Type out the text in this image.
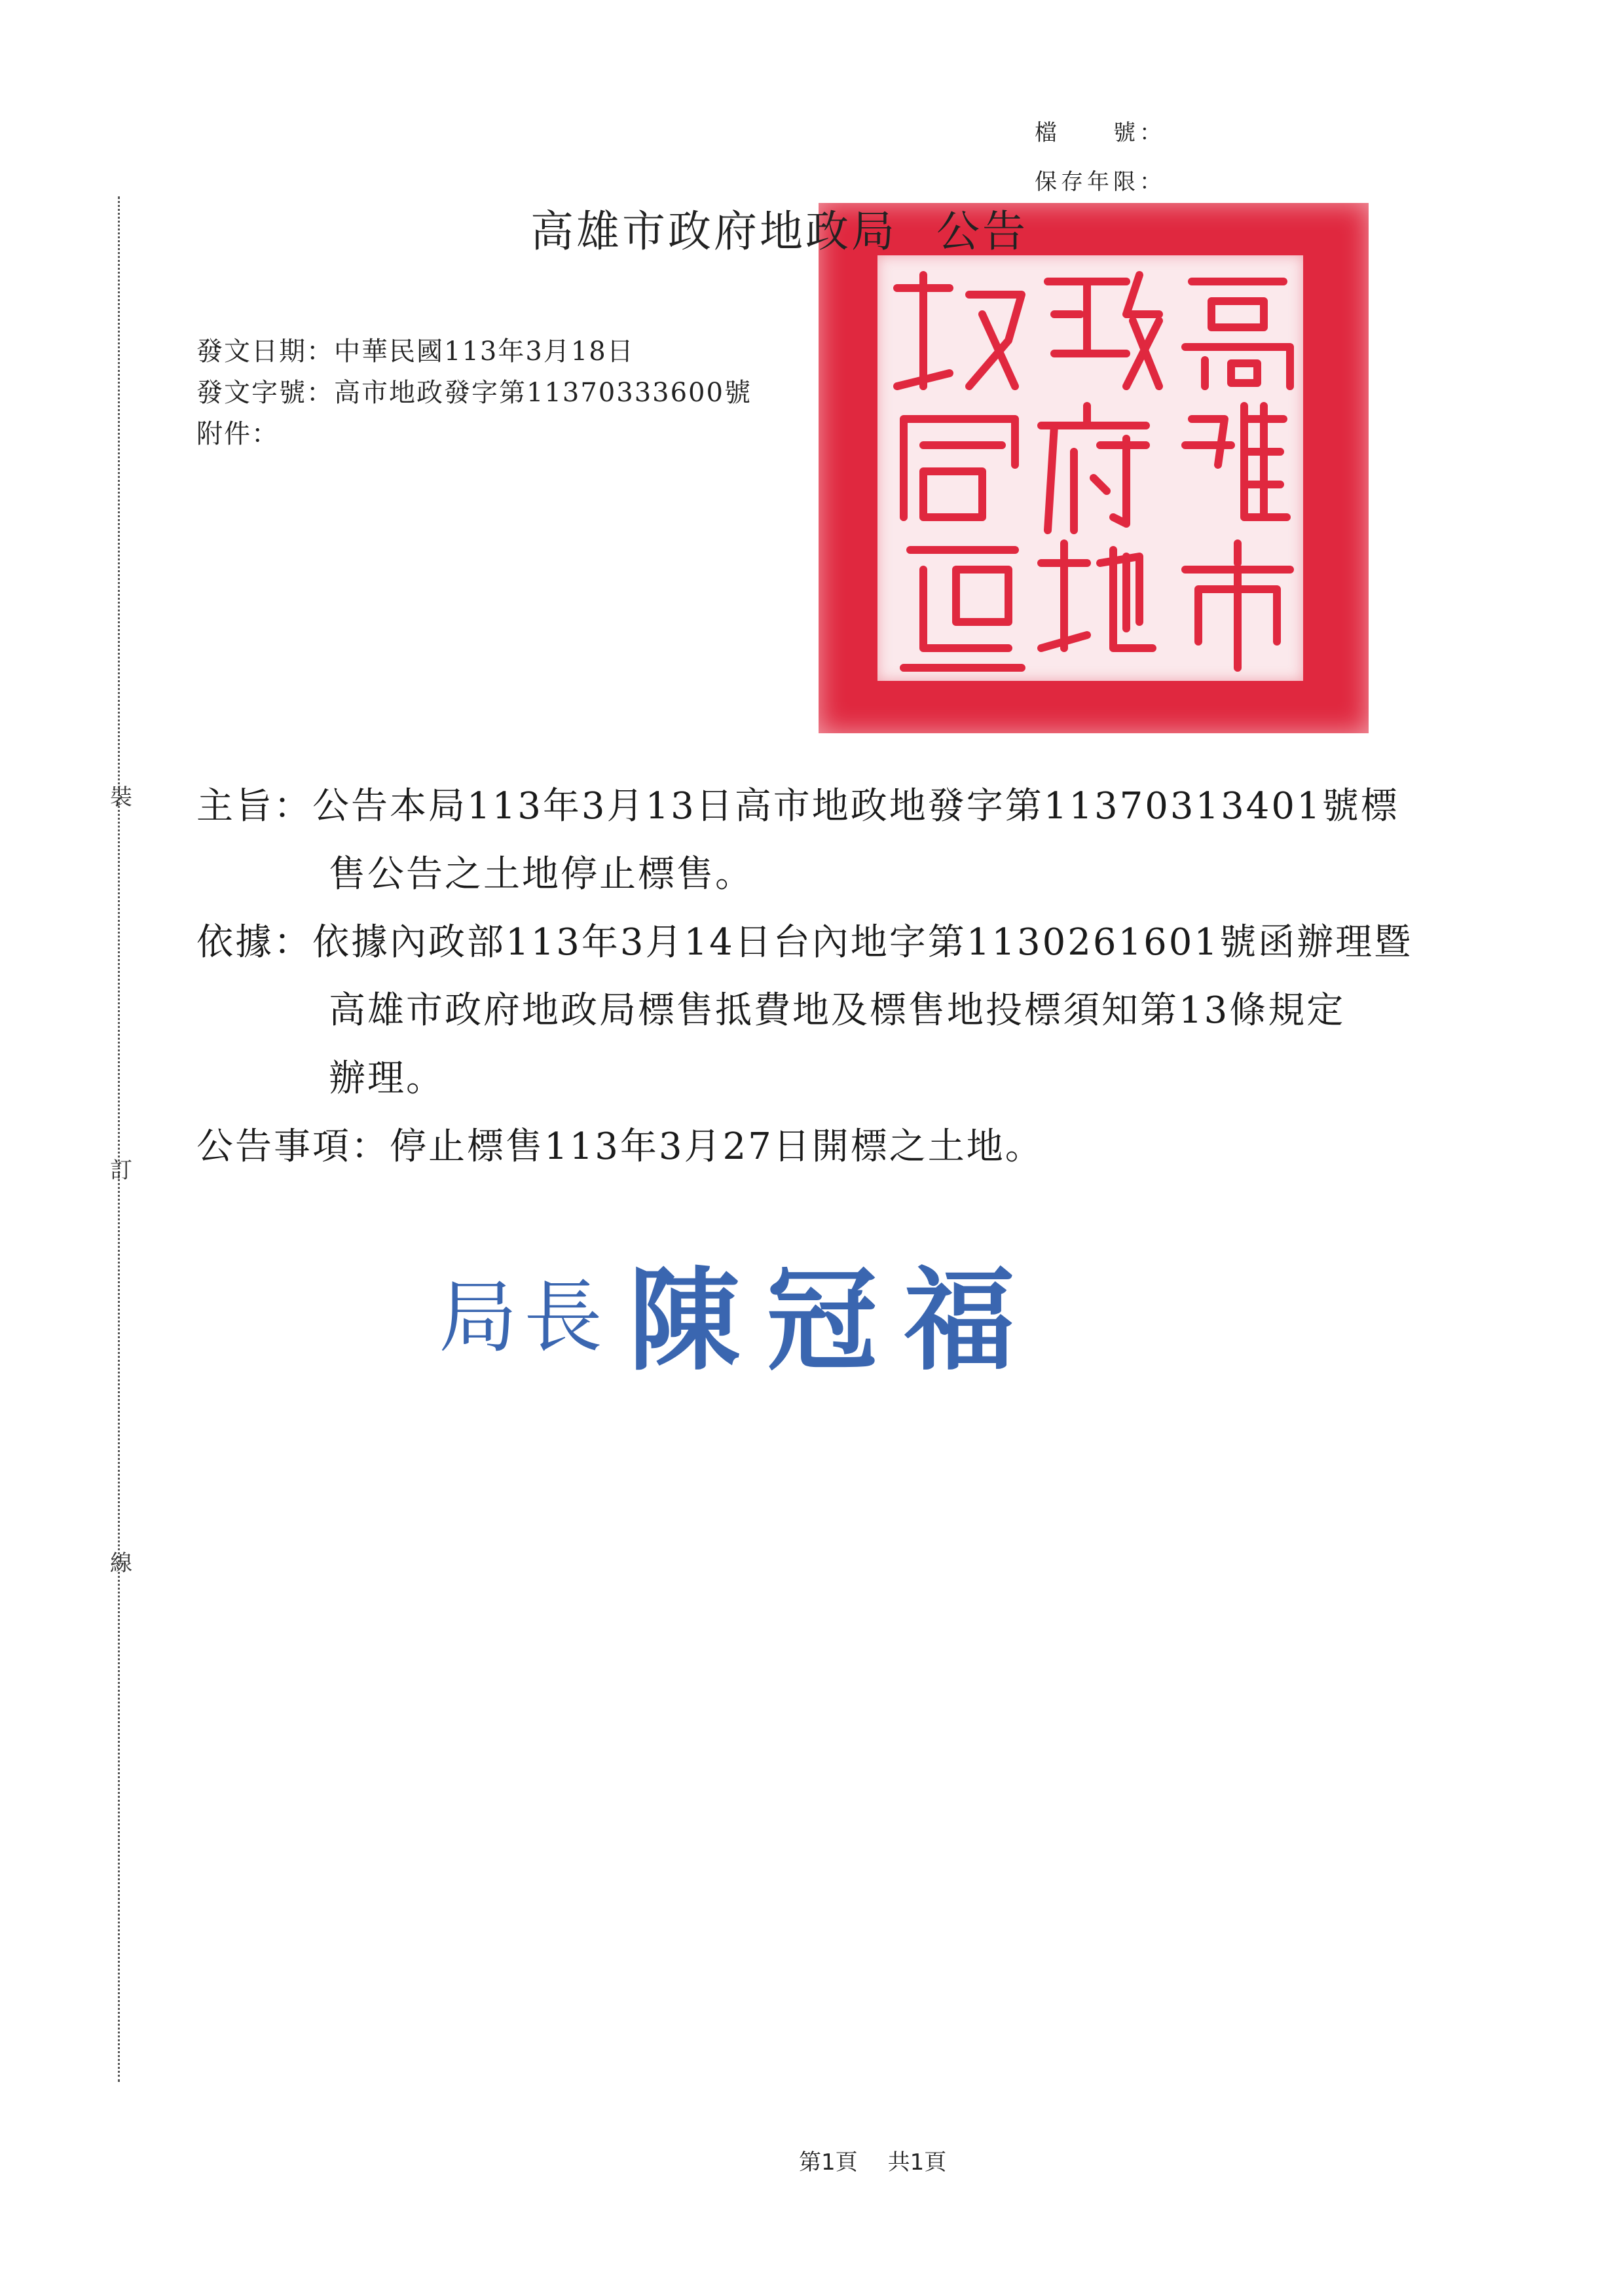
裝
訂
線
檔　　號：
保存年限：
高雄市政府地政局 公告
發文日期：中華民國113年3月18日
發文字號：高市地政發字第11370333600號
附件：
主旨：公告本局113年3月13日高市地政地發字第11370313401號標
售公告之土地停止標售。
依據：依據內政部113年3月14日台內地字第1130261601號函辦理暨
高雄市政府地政局標售抵費地及標售地投標須知第13條規定
辦理。
公告事項：停止標售113年3月27日開標之土地。
局長 陳冠福
第1頁 共1頁
